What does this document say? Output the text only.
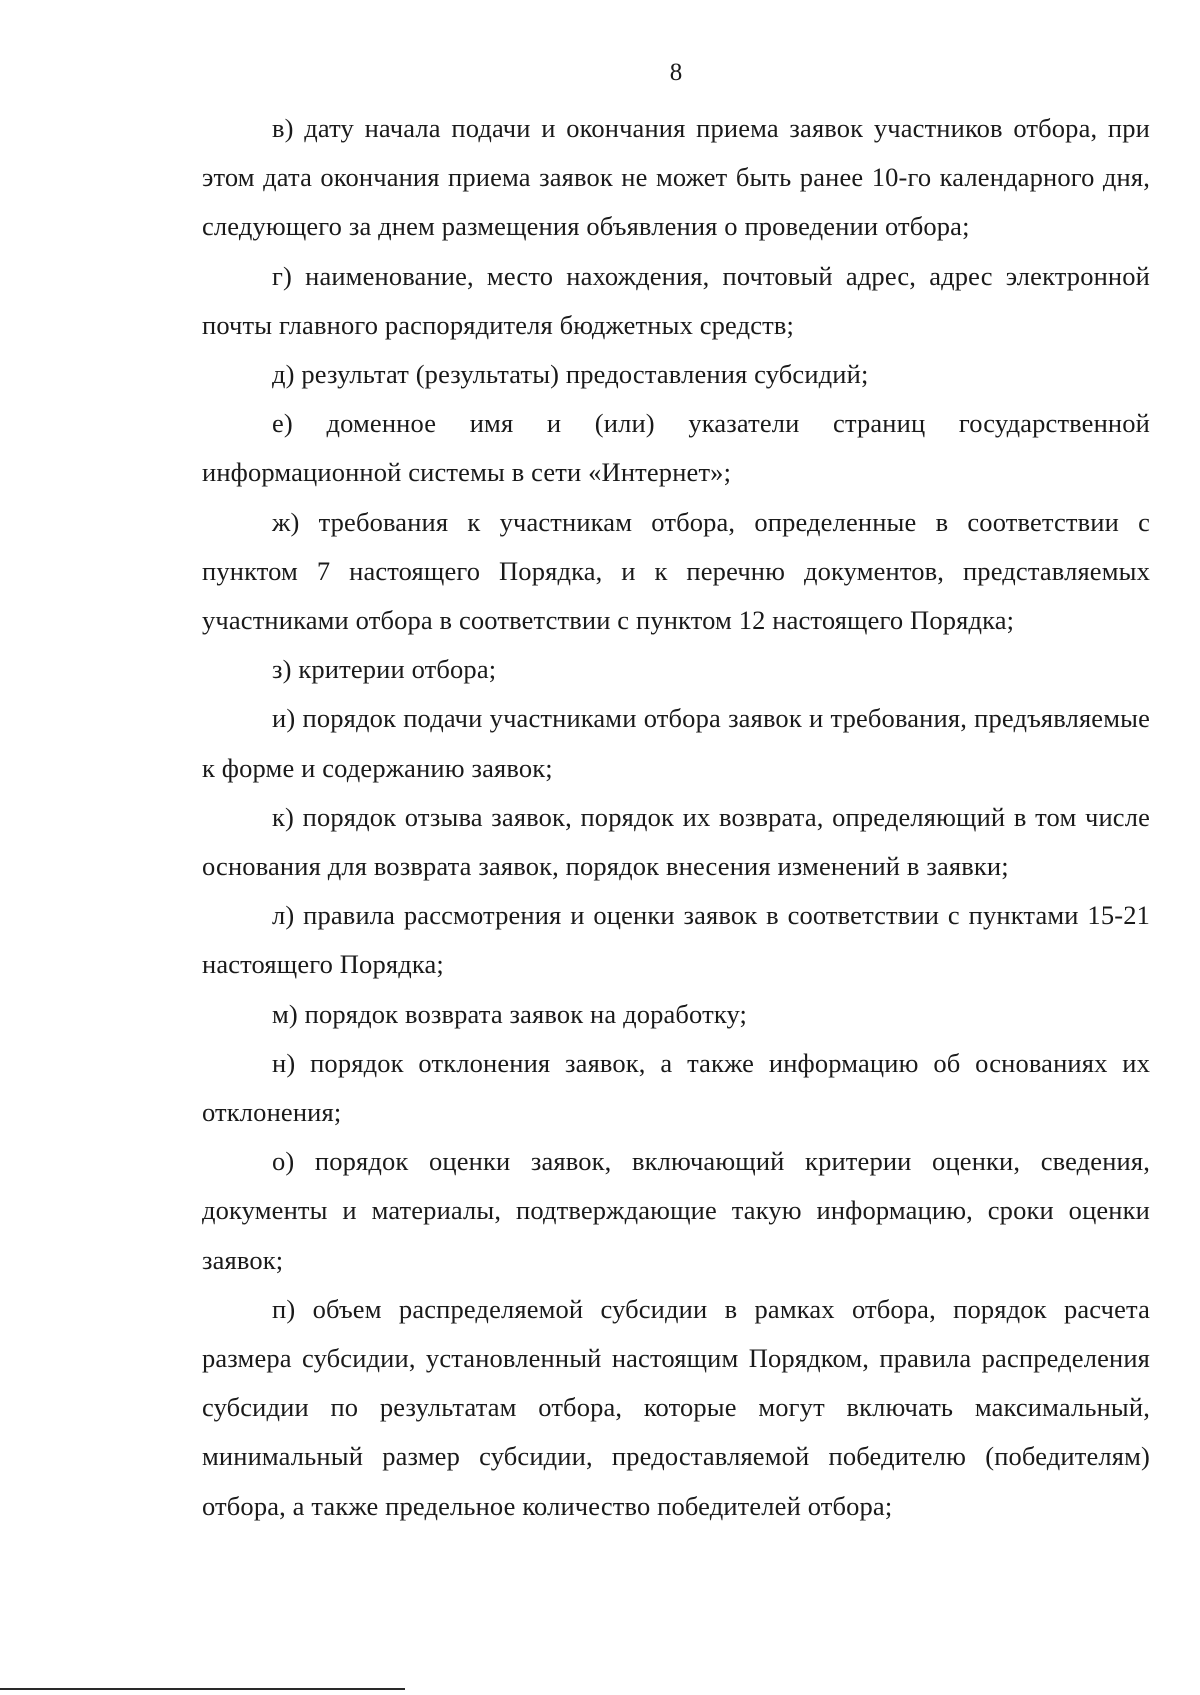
8

в) дату начала подачи и окончания приема заявок участников отбора, при этом дата окончания приема заявок не может быть ранее 10-го календарного дня, следующего за днем размещения объявления о проведении отбора;

г) наименование, место нахождения, почтовый адрес, адрес электронной почты главного распорядителя бюджетных средств;

д) результат (результаты) предоставления субсидий;

е) доменное имя и (или) указатели страниц государственной информационной системы в сети «Интернет»;

ж) требования к участникам отбора, определенные в соответствии с пунктом 7 настоящего Порядка, и к перечню документов, представляемых участниками отбора в соответствии с пунктом 12 настоящего Порядка;

з) критерии отбора;

и) порядок подачи участниками отбора заявок и требования, предъявляемые к форме и содержанию заявок;

к) порядок отзыва заявок, порядок их возврата, определяющий в том числе основания для возврата заявок, порядок внесения изменений в заявки;

л) правила рассмотрения и оценки заявок в соответствии с пунктами 15-21 настоящего Порядка;

м) порядок возврата заявок на доработку;

н) порядок отклонения заявок, а также информацию об основаниях их отклонения;

о) порядок оценки заявок, включающий критерии оценки, сведения, документы и материалы, подтверждающие такую информацию, сроки оценки заявок;

п) объем распределяемой субсидии в рамках отбора, порядок расчета размера субсидии, установленный настоящим Порядком, правила распределения субсидии по результатам отбора, которые могут включать максимальный, минимальный размер субсидии, предоставляемой победителю (победителям) отбора, а также предельное количество победителей отбора;
